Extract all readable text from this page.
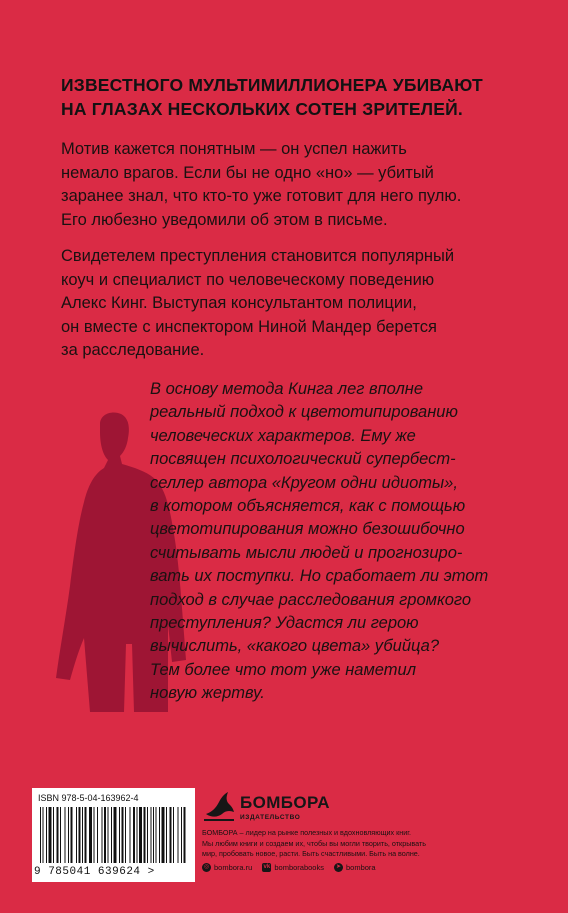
ИЗВЕСТНОГО МУЛЬТИМИЛЛИОНЕРА УБИВАЮТ
НА ГЛАЗАХ НЕСКОЛЬКИХ СОТЕН ЗРИТЕЛЕЙ.
Мотив кажется понятным — он успел нажить
немало врагов. Если бы не одно «но» — убитый
заранее знал, что кто-то уже готовит для него пулю.
Его любезно уведомили об этом в письме.
Свидетелем преступления становится популярный
коуч и специалист по человеческому поведению
Алекс Кинг. Выступая консультантом полиции,
он вместе с инспектором Ниной Мандер берется
за расследование.
В основу метода Кинга лег вполне
реальный подход к цветотипированию
человеческих характеров. Ему же
посвящен психологический супербест-
селлер автора «Кругом одни идиоты»,
в котором объясняется, как с помощью
цветотипирования можно безошибочно
считывать мысли людей и прогнозиро-
вать их поступки. Но сработает ли этот
подход в случае расследования громкого
преступления? Удастся ли герою
вычислить, «какого цвета» убийца?
Тем более что тот уже наметил
новую жертву.
ISBN 978-5-04-163962-4
9 785041 639624 >
БОМБОРА
ИЗДАТЕЛЬСТВО
БОМБОРА – лидер на рынке полезных и вдохновляющих книг.
Мы любим книги и создаем их, чтобы вы могли творить, открывать
мир, пробовать новое, расти. Быть счастливыми. Быть на волне.
◎ bombora.ru vk bomborabooks	➤ bombora
